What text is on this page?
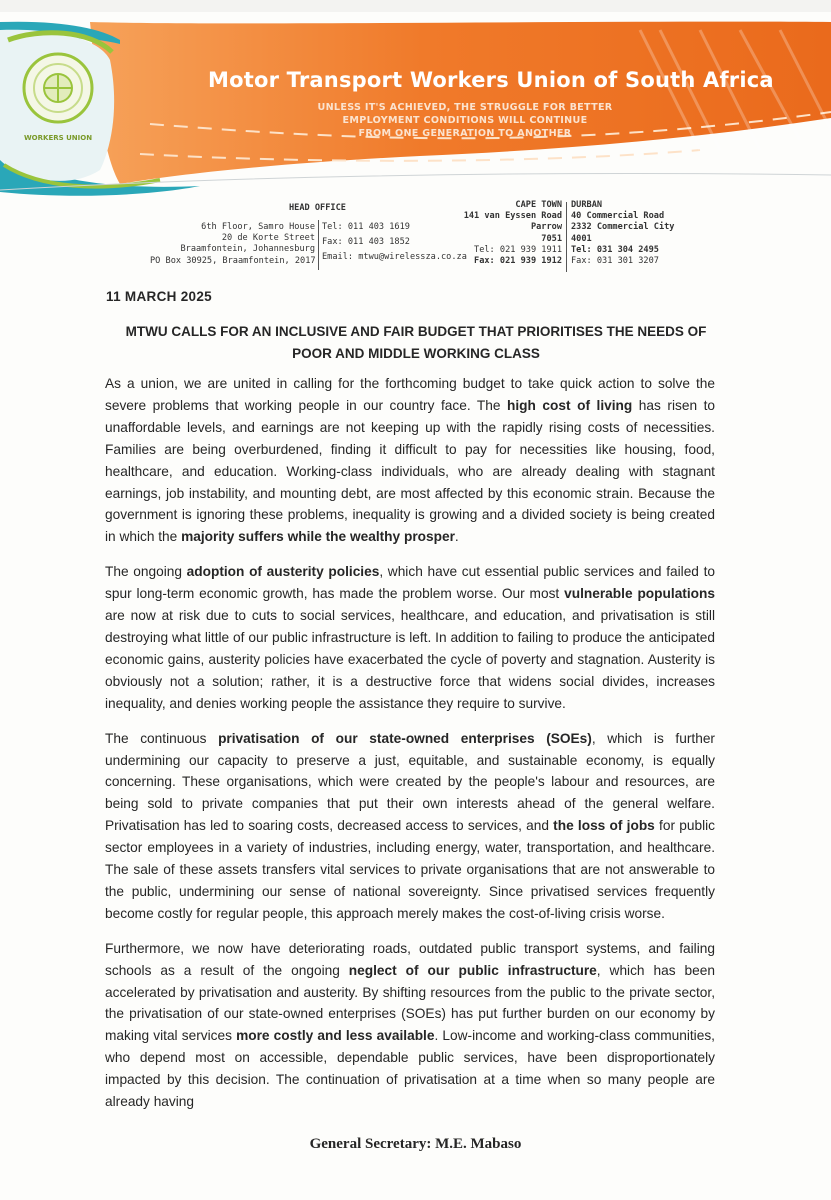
WORKERS UNION
Motor Transport Workers Union of South Africa
UNLESS IT'S ACHIEVED, THE STRUGGLE FOR BETTER
EMPLOYMENT CONDITIONS WILL CONTINUE
FROM ONE GENERATION TO ANOTHER
HEAD OFFICE
6th Floor, Samro House
20 de Korte Street
Braamfontein, Johannesburg
PO Box 30925, Braamfontein, 2017
Tel: 011 403 1619
Fax: 011 403 1852
Email: mtwu@wirelessza.co.za
CAPE TOWN
141 van Eyssen Road
Parrow
7051
Tel: 021 939 1911
Fax: 021 939 1912
DURBAN
40 Commercial Road
2332 Commercial City
4001
Tel: 031 304 2495
Fax: 031 301 3207
11 MARCH 2025
MTWU CALLS FOR AN INCLUSIVE AND FAIR BUDGET THAT PRIORITISES THE NEEDS OF POOR AND MIDDLE WORKING CLASS

As a union, we are united in calling for the forthcoming budget to take quick action to solve the severe problems that working people in our country face. The high cost of living has risen to unaffordable levels, and earnings are not keeping up with the rapidly rising costs of necessities. Families are being overburdened, finding it difficult to pay for necessities like housing, food, healthcare, and education. Working-class individuals, who are already dealing with stagnant earnings, job instability, and mounting debt, are most affected by this economic strain. Because the government is ignoring these problems, inequality is growing and a divided society is being created in which the majority suffers while the wealthy prosper.

The ongoing adoption of austerity policies, which have cut essential public services and failed to spur long-term economic growth, has made the problem worse. Our most vulnerable populations are now at risk due to cuts to social services, healthcare, and education, and privatisation is still destroying what little of our public infrastructure is left. In addition to failing to produce the anticipated economic gains, austerity policies have exacerbated the cycle of poverty and stagnation. Austerity is obviously not a solution; rather, it is a destructive force that widens social divides, increases inequality, and denies working people the assistance they require to survive.

The continuous privatisation of our state-owned enterprises (SOEs), which is further undermining our capacity to preserve a just, equitable, and sustainable economy, is equally concerning. These organisations, which were created by the people's labour and resources, are being sold to private companies that put their own interests ahead of the general welfare. Privatisation has led to soaring costs, decreased access to services, and the loss of jobs for public sector employees in a variety of industries, including energy, water, transportation, and healthcare. The sale of these assets transfers vital services to private organisations that are not answerable to the public, undermining our sense of national sovereignty. Since privatised services frequently become costly for regular people, this approach merely makes the cost-of-living crisis worse.

Furthermore, we now have deteriorating roads, outdated public transport systems, and failing schools as a result of the ongoing neglect of our public infrastructure, which has been accelerated by privatisation and austerity. By shifting resources from the public to the private sector, the privatisation of our state-owned enterprises (SOEs) has put further burden on our economy by making vital services more costly and less available. Low-income and working-class communities, who depend most on accessible, dependable public services, have been disproportionately impacted by this decision. The continuation of privatisation at a time when so many people are already having

General Secretary: M.E. Mabaso
